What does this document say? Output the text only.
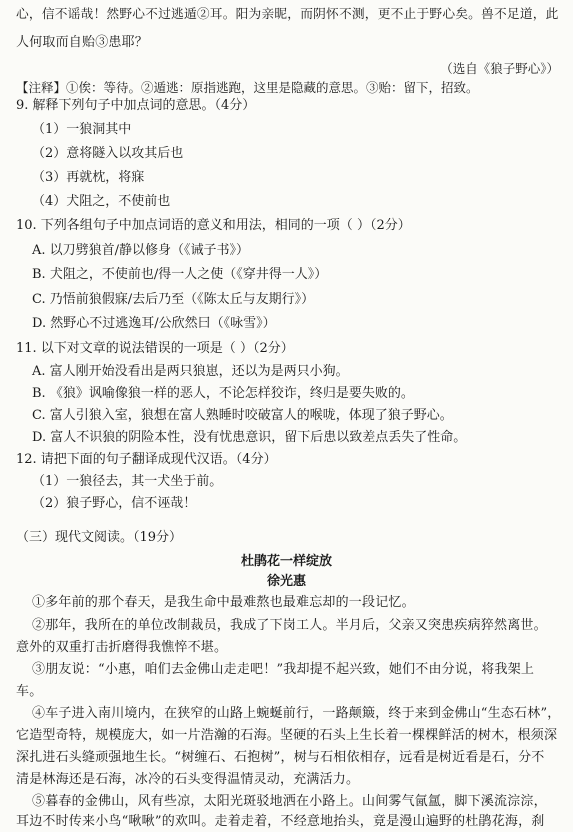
心，信不谣哉！然野心不过逃遁②耳。阳为亲昵，而阴怀不测，更不止于野心矣。兽不足道，此
人何取而自贻③患耶？
（选自《狼子野心》）
【注释】①俟：等待。②遁逃：原指逃跑，这里是隐藏的意思。③贻：留下，招致。
9. 解释下列句子中加点词的意思。（4分）
（1）一狼洞其中
（2）意将隧入以攻其后也
（3）再就枕，将寐
（4）犬阻之，不使前也
10. 下列各组句子中加点词语的意义和用法，相同的一项（ ）（2分）
A. 以刀劈狼首/静以修身（《诫子书》）
B. 犬阻之，不使前也/得一人之使（《穿井得一人》）
C. 乃悟前狼假寐/去后乃至（《陈太丘与友期行》）
D. 然野心不过逃逸耳/公欣然曰（《咏雪》）
11. 以下对文章的说法错误的一项是（ ）（2分）
A. 富人刚开始没看出是两只狼崽，还以为是两只小狗。
B. 《狼》讽喻像狼一样的恶人，不论怎样狡诈，终归是要失败的。
C. 富人引狼入室，狼想在富人熟睡时咬破富人的喉咙，体现了狼子野心。
D. 富人不识狼的阴险本性，没有忧患意识，留下后患以致差点丢失了性命。
12. 请把下面的句子翻译成现代汉语。（4分）
（1）一狼径去，其一犬坐于前。
（2）狼子野心，信不诬哉！
（三）现代文阅读。（19分）
杜鹃花一样绽放
徐光惠
①多年前的那个春天，是我生命中最难熬也最难忘却的一段记忆。
②那年，我所在的单位改制裁员，我成了下岗工人。半月后，父亲又突患疾病猝然离世。
意外的双重打击折磨得我憔悴不堪。
③朋友说：“小惠，咱们去金佛山走走吧！”我却提不起兴致，她们不由分说，将我架上
车。
④车子进入南川境内，在狭窄的山路上蜿蜒前行，一路颠簸，终于来到金佛山“生态石林”，
它造型奇特，规模庞大，如一片浩瀚的石海。坚硬的石头上生长着一棵棵鲜活的树木，根须深
深扎进石头缝顽强地生长。“树缠石、石抱树”，树与石相依相存，远看是树近看是石，分不
清是林海还是石海，冰冷的石头变得温情灵动，充满活力。
⑤暮春的金佛山，风有些凉，太阳光斑驳地洒在小路上。山间雾气氤氲，脚下溪流淙淙，
耳边不时传来小鸟“啾啾”的欢叫。走着走着，不经意地抬头，竟是漫山遍野的杜鹃花海，刹
